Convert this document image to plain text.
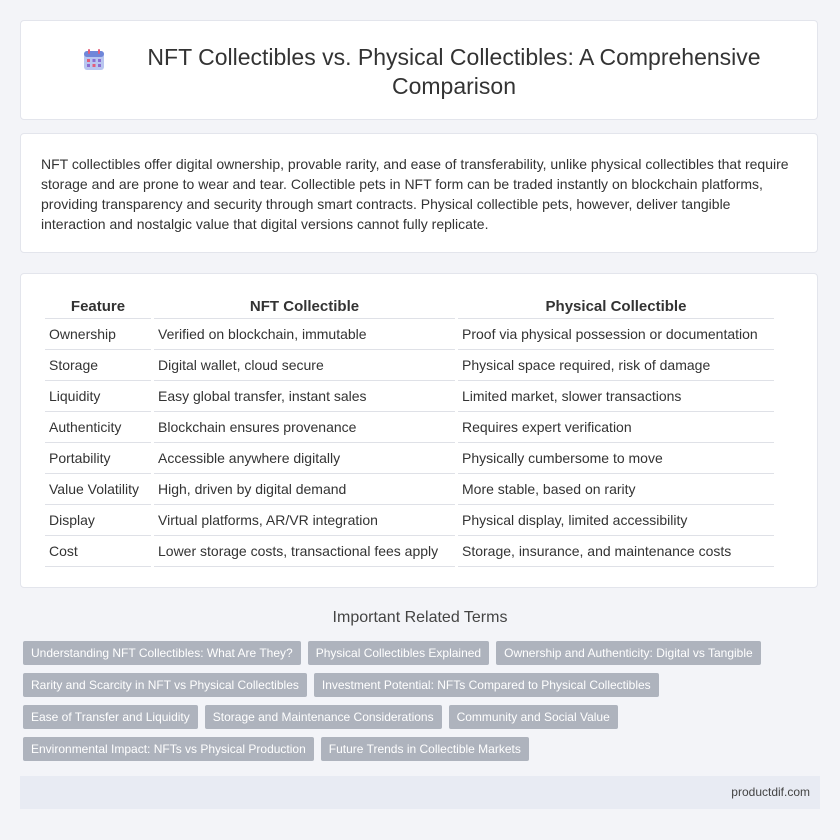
NFT Collectibles vs. Physical Collectibles: A Comprehensive Comparison

NFT collectibles offer digital ownership, provable rarity, and ease of transferability, unlike physical collectibles that require storage and are prone to wear and tear. Collectible pets in NFT form can be traded instantly on blockchain platforms, providing transparency and security through smart contracts. Physical collectible pets, however, deliver tangible interaction and nostalgic value that digital versions cannot fully replicate.

Feature	NFT Collectible	Physical Collectible
Ownership	Verified on blockchain, immutable	Proof via physical possession or documentation
Storage	Digital wallet, cloud secure	Physical space required, risk of damage
Liquidity	Easy global transfer, instant sales	Limited market, slower transactions
Authenticity	Blockchain ensures provenance	Requires expert verification
Portability	Accessible anywhere digitally	Physically cumbersome to move
Value Volatility	High, driven by digital demand	More stable, based on rarity
Display	Virtual platforms, AR/VR integration	Physical display, limited accessibility
Cost	Lower storage costs, transactional fees apply	Storage, insurance, and maintenance costs
Important Related Terms
Understanding NFT Collectibles: What Are They?	Physical Collectibles Explained	Ownership and Authenticity: Digital vs Tangible
Rarity and Scarcity in NFT vs Physical Collectibles	Investment Potential: NFTs Compared to Physical Collectibles
Ease of Transfer and Liquidity	Storage and Maintenance Considerations	Community and Social Value
Environmental Impact: NFTs vs Physical Production	Future Trends in Collectible Markets
productdif.com
